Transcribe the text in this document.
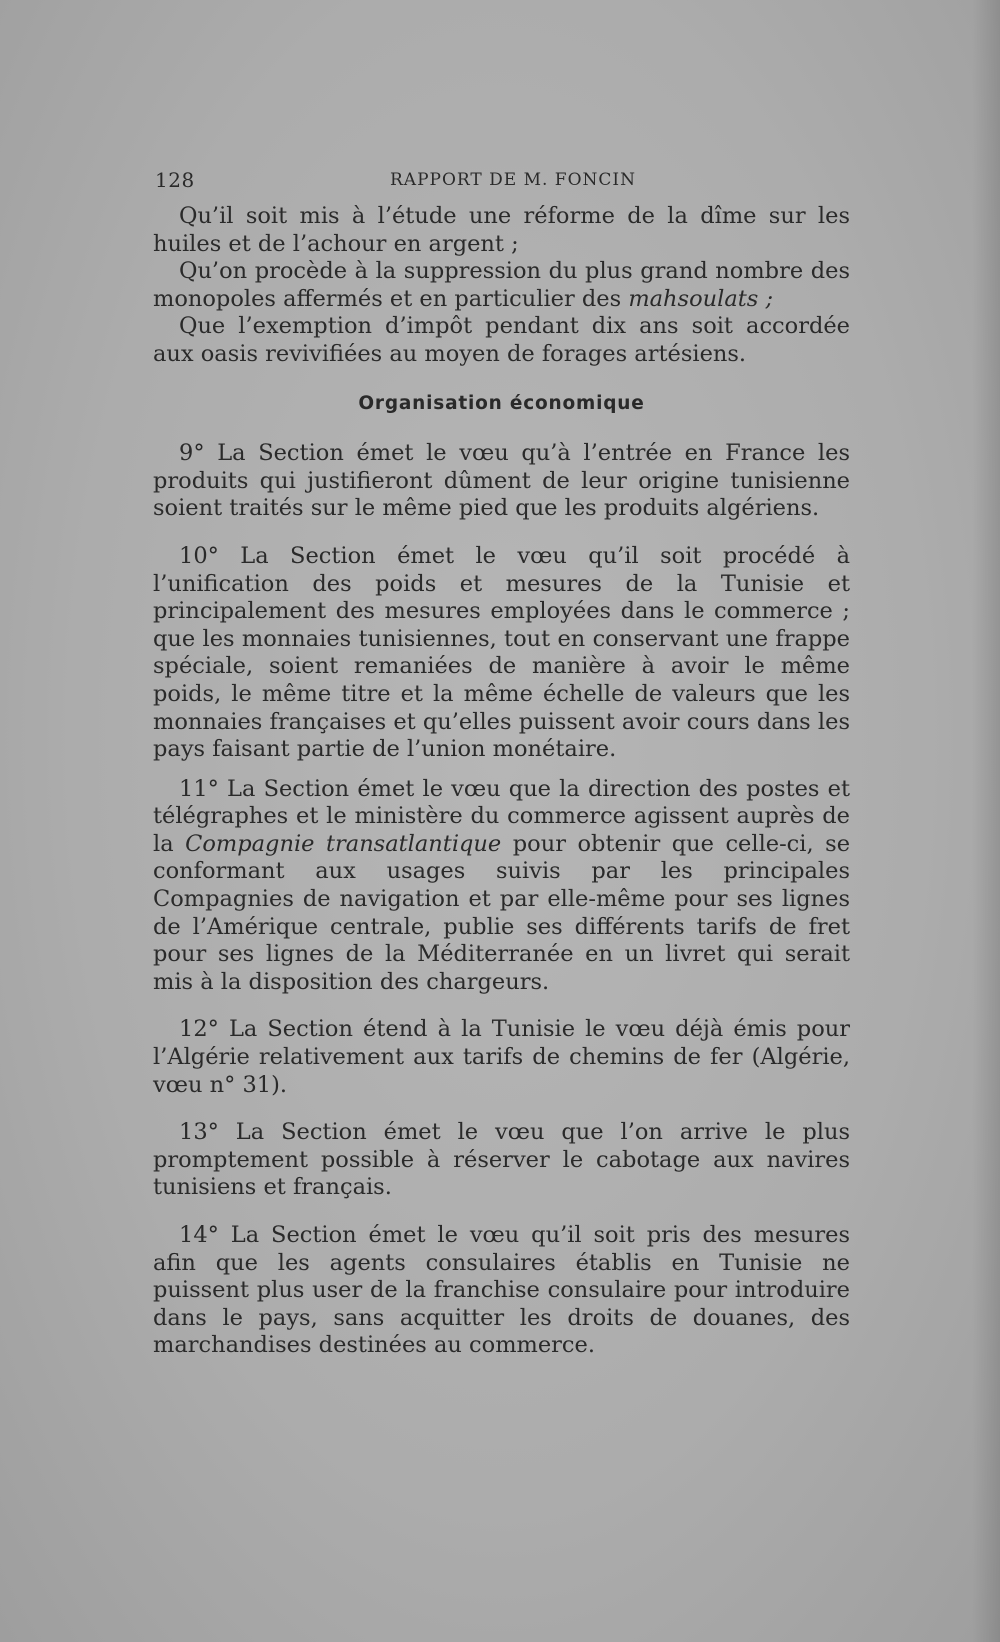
128	RAPPORT DE M. FONCIN

Qu’il soit mis à l’étude une réforme de la dîme sur les huiles et de l’achour en argent ;

Qu’on procède à la suppression du plus grand nombre des monopoles affermés et en particulier des mahsoulats ;

Que l’exemption d’impôt pendant dix ans soit accordée aux oasis revivifiées au moyen de forages artésiens.

Organisation économique

9° La Section émet le vœu qu’à l’entrée en France les produits qui justifieront dûment de leur origine tunisienne soient traités sur le même pied que les produits algériens.

10° La Section émet le vœu qu’il soit procédé à l’unification des poids et mesures de la Tunisie et principalement des mesures employées dans le commerce ; que les monnaies tunisiennes, tout en conservant une frappe spéciale, soient remaniées de manière à avoir le même poids, le même titre et la même échelle de valeurs que les monnaies françaises et qu’elles puissent avoir cours dans les pays faisant partie de l’union monétaire.

11° La Section émet le vœu que la direction des postes et télégraphes et le ministère du commerce agissent auprès de la Compagnie transatlantique pour obtenir que celle-ci, se conformant aux usages suivis par les principales Compagnies de navigation et par elle-même pour ses lignes de l’Amérique centrale, publie ses différents tarifs de fret pour ses lignes de la Méditerranée en un livret qui serait mis à la disposition des chargeurs.

12° La Section étend à la Tunisie le vœu déjà émis pour l’Algérie relativement aux tarifs de chemins de fer (Algérie, vœu n° 31).

13° La Section émet le vœu que l’on arrive le plus promptement possible à réserver le cabotage aux navires tunisiens et français.

14° La Section émet le vœu qu’il soit pris des mesures afin que les agents consulaires établis en Tunisie ne puissent plus user de la franchise consulaire pour introduire dans le pays, sans acquitter les droits de douanes, des marchandises destinées au commerce.
